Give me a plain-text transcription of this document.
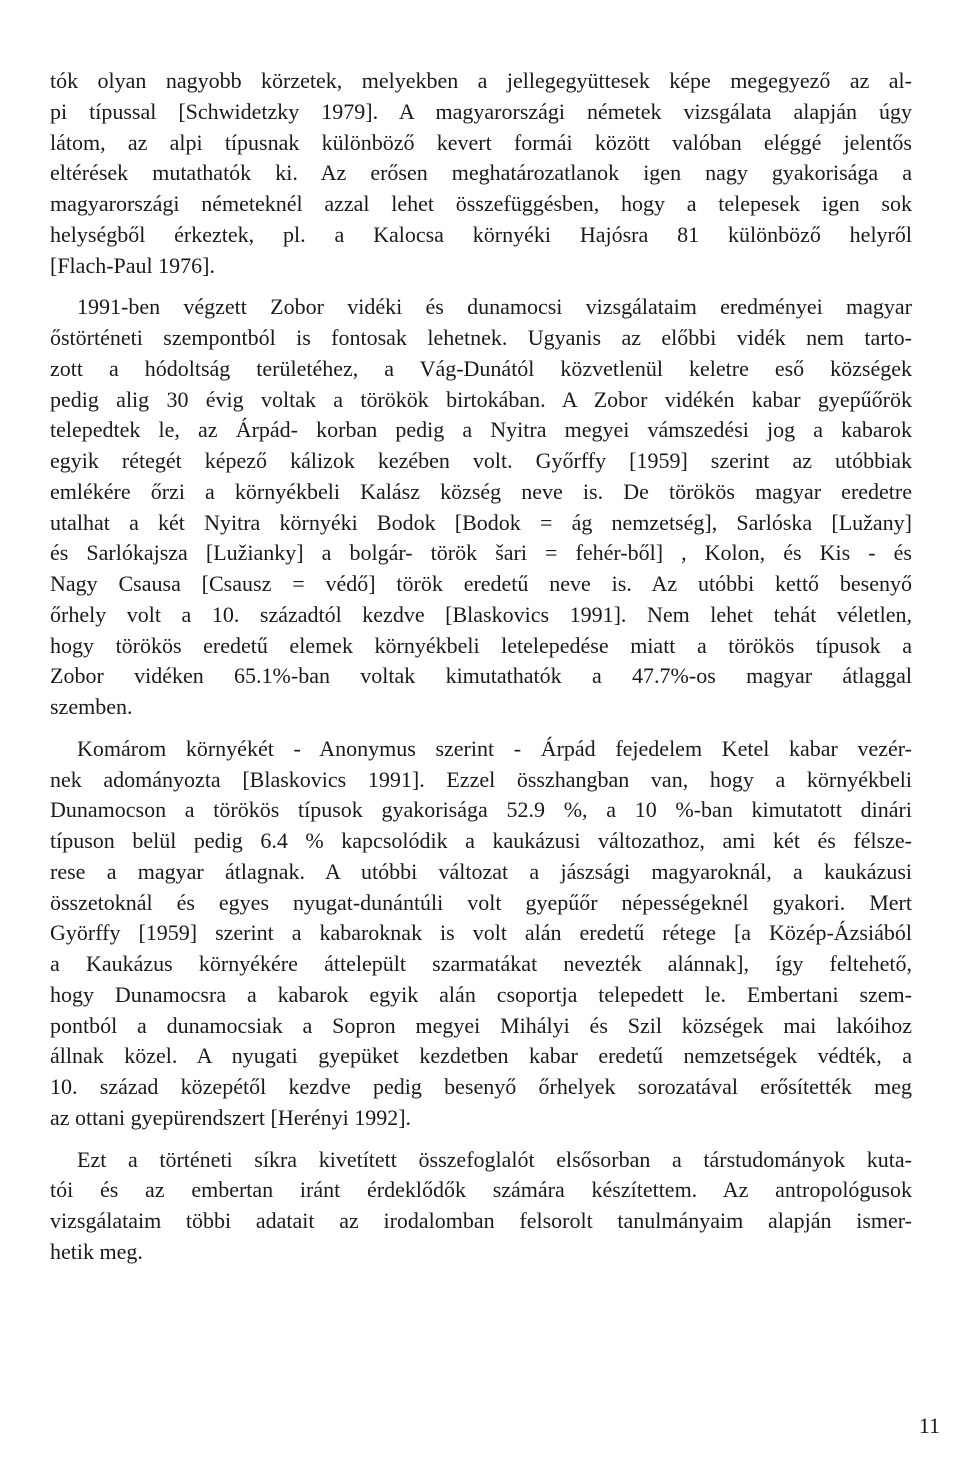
tók olyan nagyobb körzetek, melyekben a jellegegyüttesek képe megegyező az al-
pi típussal [Schwidetzky 1979]. A magyarországi németek vizsgálata alapján úgy
látom, az alpi típusnak különböző kevert formái között valóban eléggé jelentős
eltérések mutathatók ki. Az erősen meghatározatlanok igen nagy gyakorisága a
magyarországi németeknél azzal lehet összefüggésben, hogy a telepesek igen sok
helységből érkeztek, pl. a Kalocsa környéki Hajósra 81 különböző helyről
[Flach-Paul 1976].
1991-ben végzett Zobor vidéki és dunamocsi vizsgálataim eredményei magyar
őstörténeti szempontból is fontosak lehetnek. Ugyanis az előbbi vidék nem tarto-
zott a hódoltság területéhez, a Vág-Dunától közvetlenül keletre eső községek
pedig alig 30 évig voltak a törökök birtokában. A Zobor vidékén kabar gyepűőrök
telepedtek le, az Árpád- korban pedig a Nyitra megyei vámszedési jog a kabarok
egyik rétegét képező kálizok kezében volt. Győrffy [1959] szerint az utóbbiak
emlékére őrzi a környékbeli Kalász község neve is. De törökös magyar eredetre
utalhat a két Nyitra környéki Bodok [Bodok = ág nemzetség], Sarlóska [Lužany]
és Sarlókajsza [Lužianky] a bolgár- török šari = fehér-ből] , Kolon, és Kis - és
Nagy Csausa [Csausz = védő] török eredetű neve is. Az utóbbi kettő besenyő
őrhely volt a 10. századtól kezdve [Blaskovics 1991]. Nem lehet tehát véletlen,
hogy törökös eredetű elemek környékbeli letelepedése miatt a törökös típusok a
Zobor vidéken 65.1%-ban voltak kimutathatók a 47.7%-os magyar átlaggal
szemben.
Komárom környékét - Anonymus szerint - Árpád fejedelem Ketel kabar vezér-
nek adományozta [Blaskovics 1991]. Ezzel összhangban van, hogy a környékbeli
Dunamocson a törökös típusok gyakorisága 52.9 %, a 10 %-ban kimutatott dinári
típuson belül pedig 6.4 % kapcsolódik a kaukázusi változathoz, ami két és félsze-
rese a magyar átlagnak. A utóbbi változat a jászsági magyaroknál, a kaukázusi
összetoknál és egyes nyugat-dunántúli volt gyepűőr népességeknél gyakori. Mert
Györffy [1959] szerint a kabaroknak is volt alán eredetű rétege [a Közép-Ázsiából
a Kaukázus környékére áttelepült szarmatákat nevezték alánnak], így feltehető,
hogy Dunamocsra a kabarok egyik alán csoportja telepedett le. Embertani szem-
pontból a dunamocsiak a Sopron megyei Mihályi és Szil községek mai lakóihoz
állnak közel. A nyugati gyepüket kezdetben kabar eredetű nemzetségek védték, a
10. század közepétől kezdve pedig besenyő őrhelyek sorozatával erősítették meg
az ottani gyepürendszert [Herényi 1992].
Ezt a történeti síkra kivetített összefoglalót elsősorban a társtudományok kuta-
tói és az embertan iránt érdeklődők számára készítettem. Az antropológusok
vizsgálataim többi adatait az irodalomban felsorolt tanulmányaim alapján ismer-
hetik meg.
11
